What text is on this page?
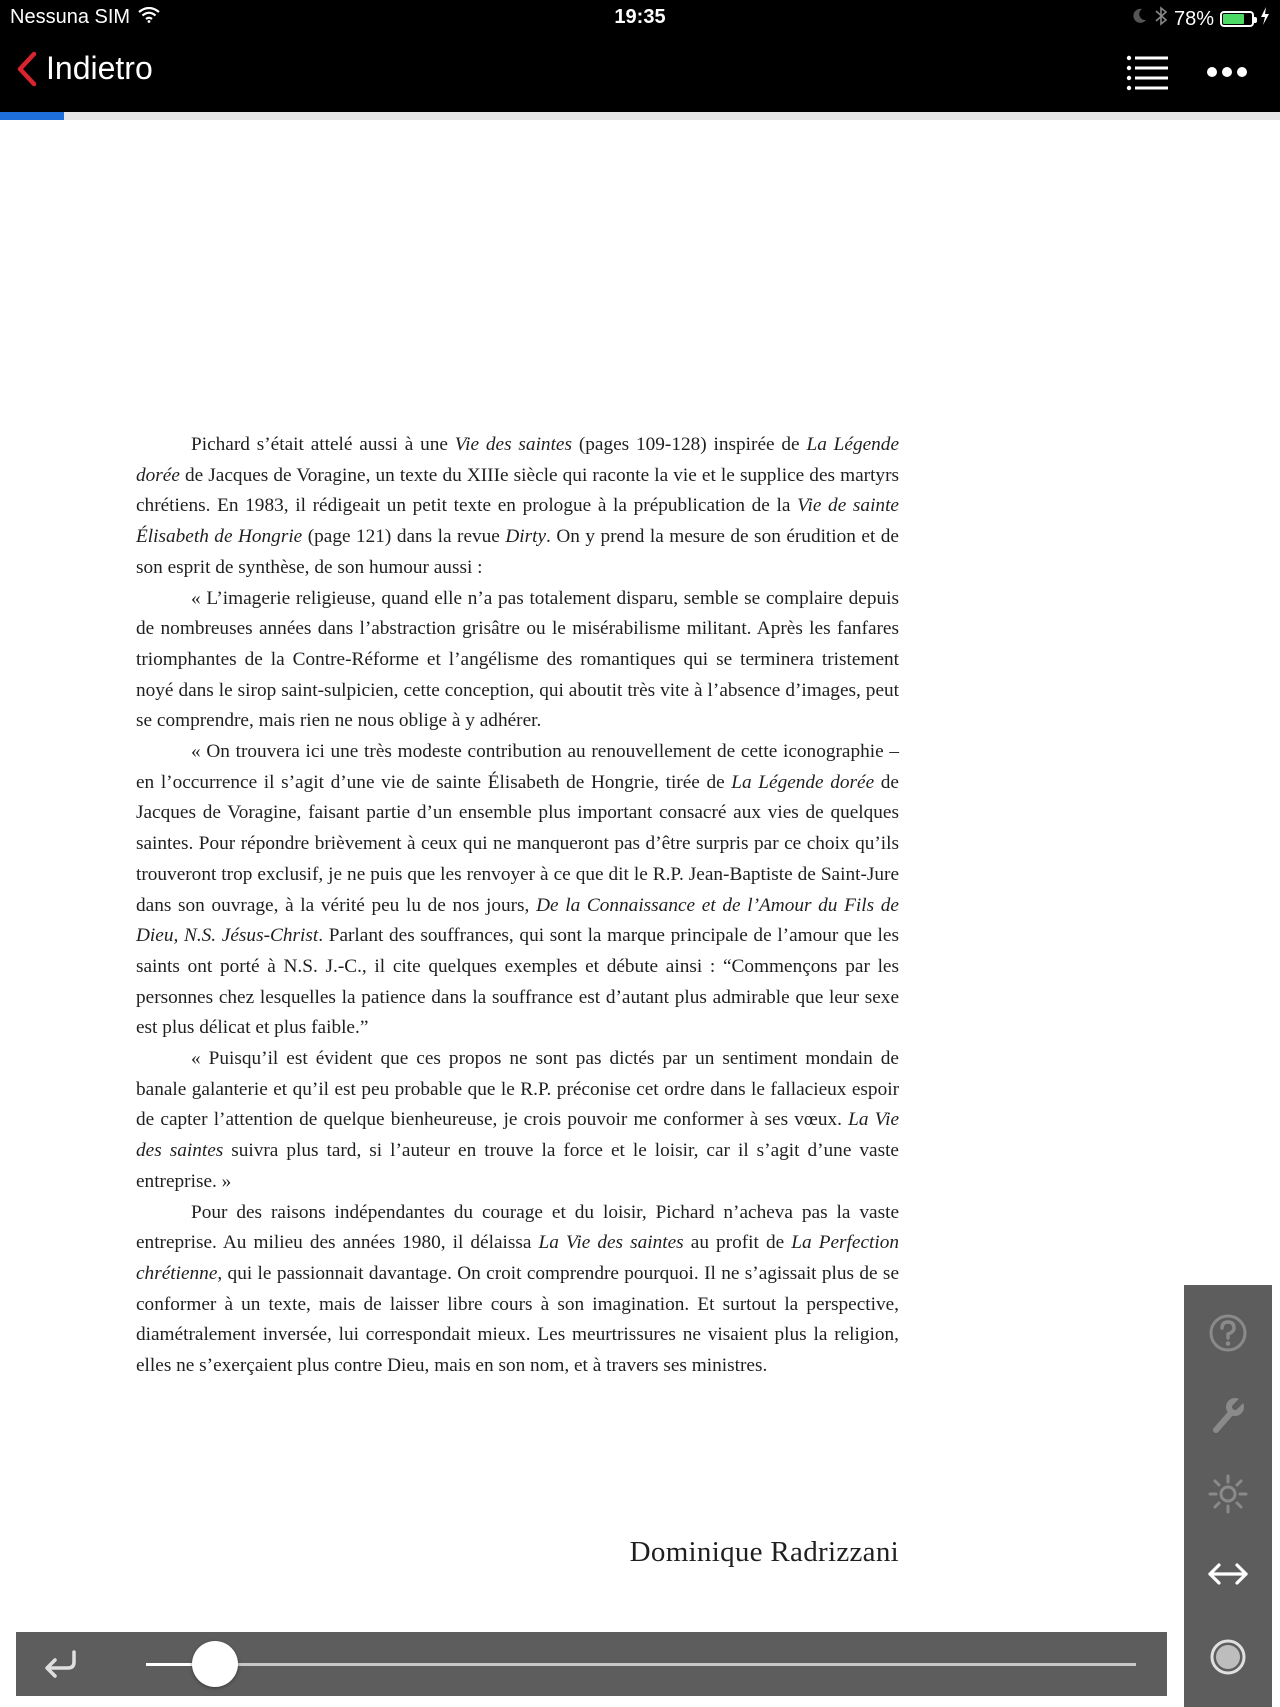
Nessuna SIM	19:35	78%
Indietro

Pichard s’était attelé aussi à une Vie des saintes (pages 109-128) inspirée de La Légende dorée de Jacques de Voragine, un texte du XIIIe siècle qui raconte la vie et le supplice des martyrs chrétiens. En 1983, il rédigeait un petit texte en prologue à la prépublication de la Vie de sainte Élisabeth de Hongrie (page 121) dans la revue Dirty. On y prend la mesure de son érudition et de son esprit de synthèse, de son humour aussi :

« L’imagerie religieuse, quand elle n’a pas totalement disparu, semble se complaire depuis de nombreuses années dans l’abstraction grisâtre ou le misérabilisme militant. Après les fanfares triomphantes de la Contre-Réforme et l’angélisme des romantiques qui se terminera tristement noyé dans le sirop saint-sulpicien, cette conception, qui aboutit très vite à l’absence d’images, peut se comprendre, mais rien ne nous oblige à y adhérer.

« On trouvera ici une très modeste contribution au renouvellement de cette iconographie – en l’occurrence il s’agit d’une vie de sainte Élisabeth de Hongrie, tirée de La Légende dorée de Jacques de Voragine, faisant partie d’un ensemble plus important consacré aux vies de quelques saintes. Pour répondre brièvement à ceux qui ne manqueront pas d’être surpris par ce choix qu’ils trouveront trop exclusif, je ne puis que les renvoyer à ce que dit le R.P. Jean-Baptiste de Saint-Jure dans son ouvrage, à la vérité peu lu de nos jours, De la Connaissance et de l’Amour du Fils de Dieu, N.S. Jésus-Christ. Parlant des souffrances, qui sont la marque principale de l’amour que les saints ont porté à N.S. J.-C., il cite quelques exemples et débute ainsi : “Commençons par les personnes chez lesquelles la patience dans la souffrance est d’autant plus admirable que leur sexe est plus délicat et plus faible.”

« Puisqu’il est évident que ces propos ne sont pas dictés par un sentiment mondain de banale galanterie et qu’il est peu probable que le R.P. préconise cet ordre dans le fallacieux espoir de capter l’attention de quelque bienheureuse, je crois pouvoir me conformer à ses vœux. La Vie des saintes suivra plus tard, si l’auteur en trouve la force et le loisir, car il s’agit d’une vaste entreprise. »

Pour des raisons indépendantes du courage et du loisir, Pichard n’acheva pas la vaste entreprise. Au milieu des années 1980, il délaissa La Vie des saintes au profit de La Perfection chrétienne, qui le passionnait davantage. On croit comprendre pourquoi. Il ne s’agissait plus de se conformer à un texte, mais de laisser libre cours à son imagination. Et surtout la perspective, diamétralement inversée, lui correspondait mieux. Les meurtrissures ne visaient plus la religion, elles ne s’exerçaient plus contre Dieu, mais en son nom, et à travers ses ministres.

Dominique Radrizzani
